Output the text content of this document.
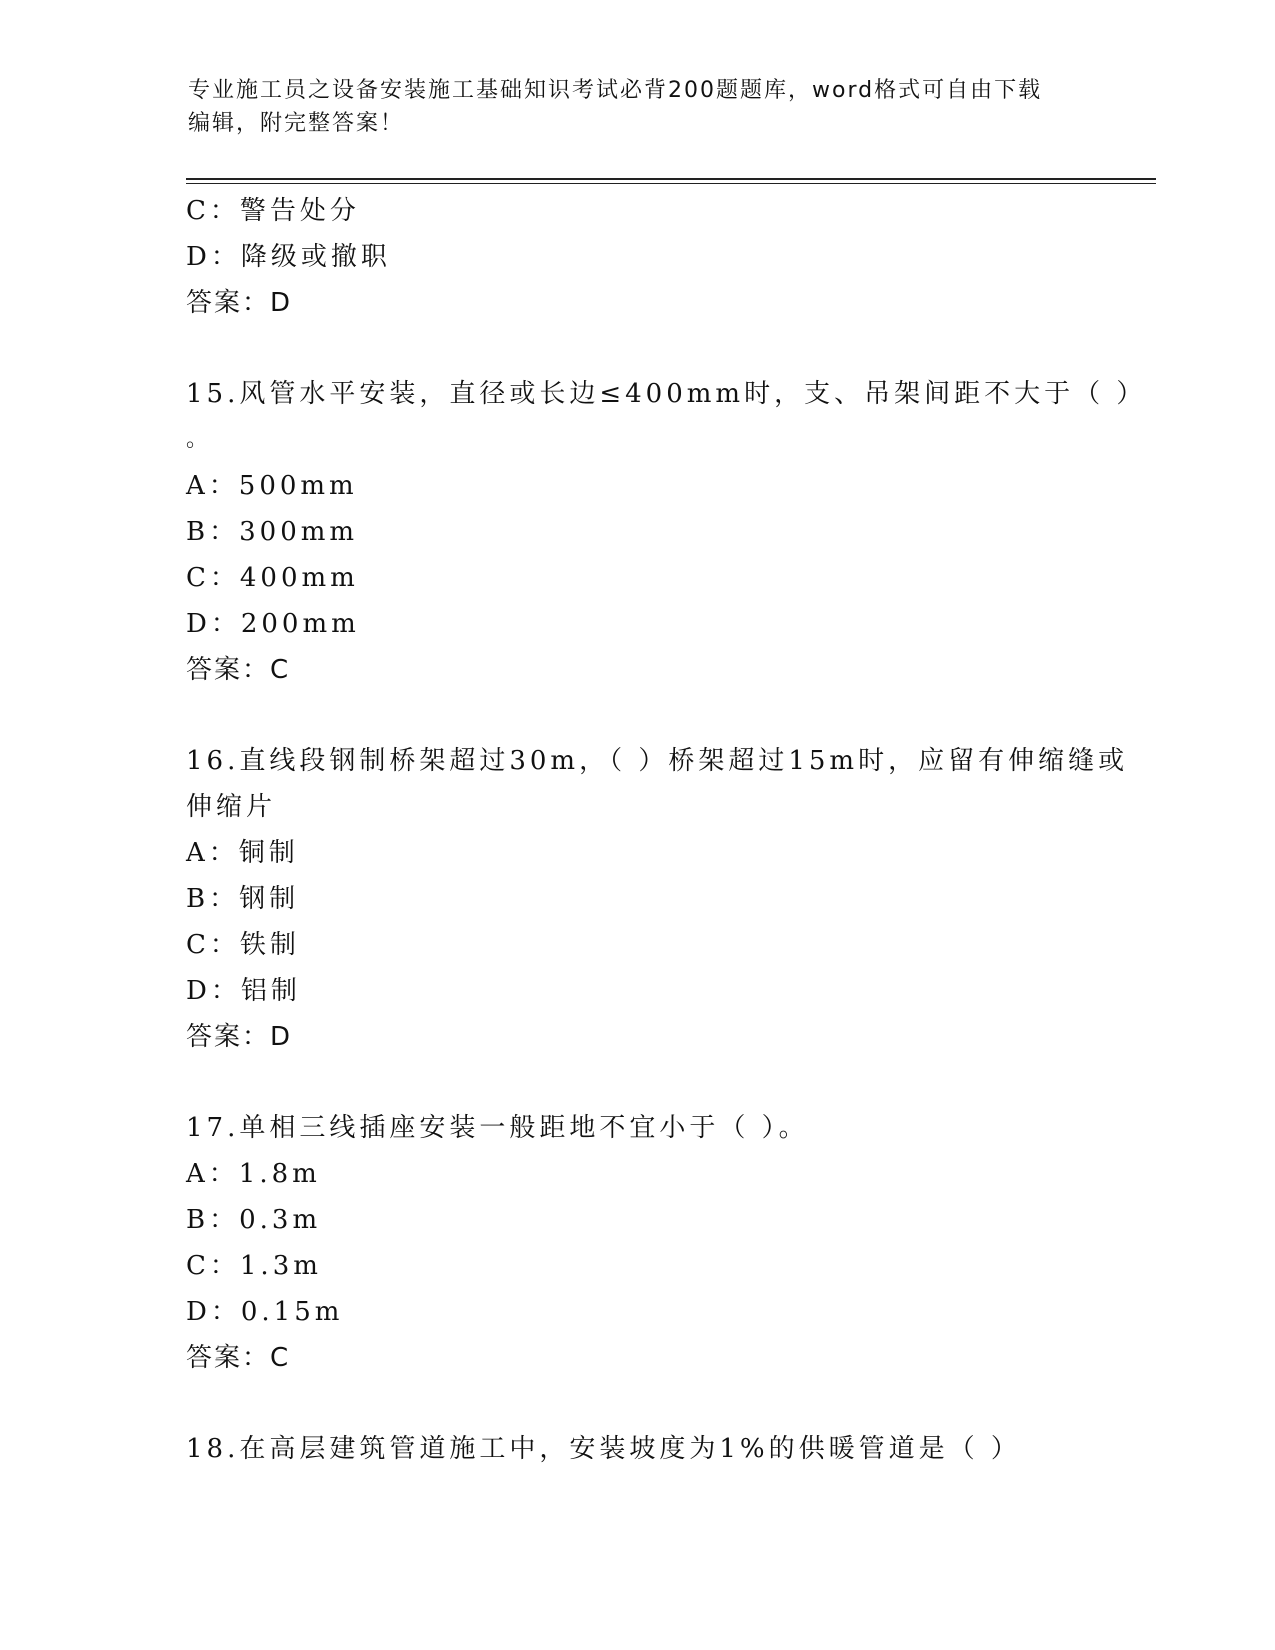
专业施工员之设备安装施工基础知识考试必背200题题库，word格式可自由下载
编辑，附完整答案！
C：警告处分
D：降级或撤职
答案：D
15.风管水平安装，直径或长边≤400mm时，支、吊架间距不大于（ ）
。
A：500mm
B：300mm
C：400mm
D：200mm
答案：C
16.直线段钢制桥架超过30m，（ ）桥架超过15m时，应留有伸缩缝或
伸缩片
A：铜制
B：钢制
C：铁制
D：铝制
答案：D
17.单相三线插座安装一般距地不宜小于（ ）。
A：1.8m
B：0.3m
C：1.3m
D：0.15m
答案：C
18.在高层建筑管道施工中，安装坡度为1%的供暖管道是（ ）
